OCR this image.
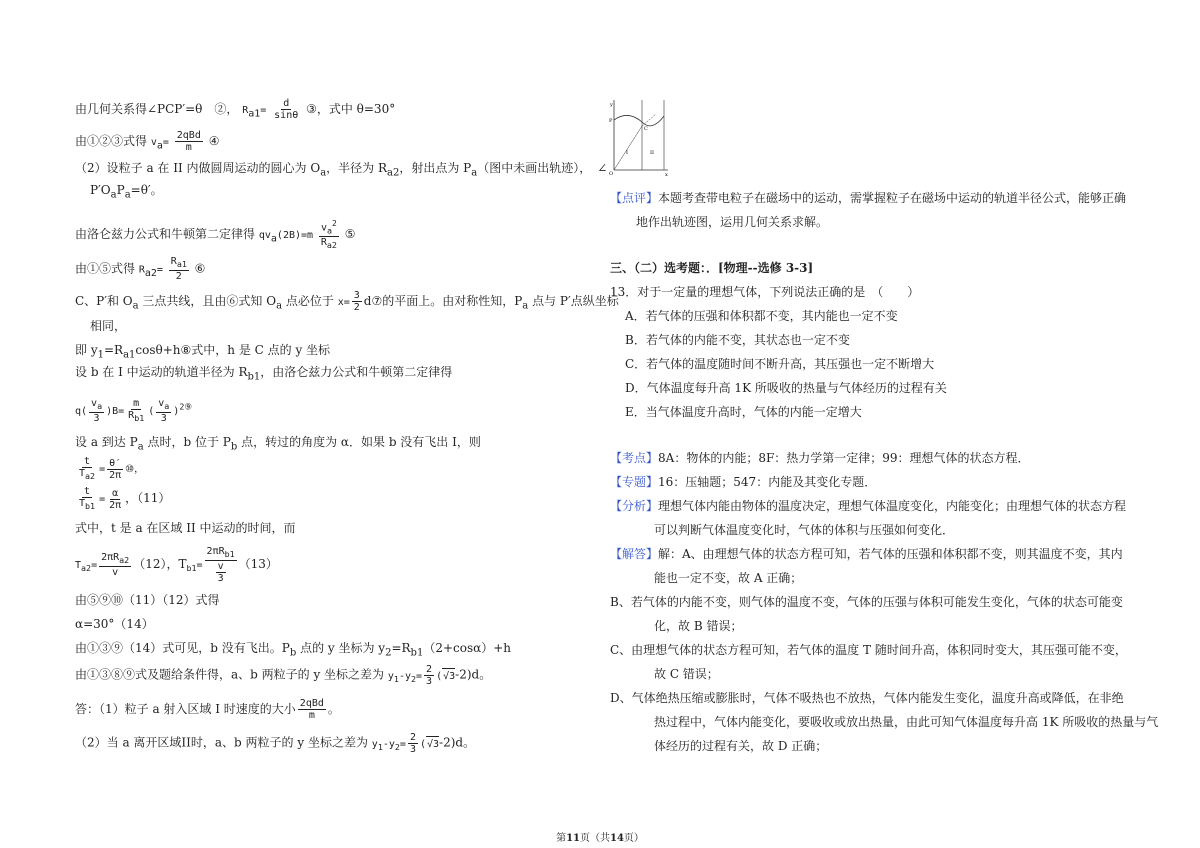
由几何关系得∠PCP′=θ　②， $R_{a1}= \frac{d}{\sin\theta}$ ③，式中 θ=30°
由①②③式得 $v_a= \frac{\text{2qBd}}{m}$ ④
（2）设粒子 a 在 II 内做圆周运动的圆心为 $O_a$，半径为 $R_{a2}$，射出点为 $P_a$（图中未画出轨迹），　∠
$P'O_aP_a=\theta'$。
由洛仑兹力公式和牛顿第二定律得 $qv_a(2B)=m \frac{v_a^2}{R_{a2}}$ ⑤
由①⑤式得 $R_{a2}= \frac{R_{a1}}{2}$ ⑥
C、P′和 $O_a$ 三点共线，且由⑥式知 $O_a$ 点必位于 $x= \frac{3}{2}$ d⑦的平面上。由对称性知，$P_a$ 点与 P′点纵坐标
相同，
即 $y_1=R_{a1}\cos\theta+h⑧$式中，h 是 C 点的 y 坐标
设 b 在 I 中运动的轨道半径为 $R_{b1}$，由洛仑兹力公式和牛顿第二定律得
$q( \frac{v_a}{3} )B= \frac{m}{R_{b1}}$ ( $\frac{v_a}{3} )^{2⑨}$
设 a 到达 $P_a$ 点时，b 位于 $P_b$ 点，转过的角度为 α．如果 b 没有飞出 I，则
$\frac{t}{T_{a2}} = \frac{\theta'}{2\pi}$ ⑩，
$\frac{t}{T_{b1}} = \frac{\alpha}{2\pi}$ ，（11）
式中，t 是 a 在区域 II 中运动的时间，而
$T_{a2}= \frac{2\pi R_{a2}}{v} (12)$，$T_{b1}= \frac{2\pi R_{b1}}{\frac{v}{3}} (13)$
由⑤⑨⑩（11）（12）式得
α=30°（14）
由①③⑨（14）式可见，b 没有飞出。$P_b$ 点的 y 坐标为 $y_2=R_{b1}(2+\cos\alpha)+h$
由①③⑧⑨式及题给条件得，a、b 两粒子的 y 坐标之差为 $y_1-y_2= \frac{2}{3} (√3-2)d$。
答：（1）粒子 a 射入区域 I 时速度的大小 $\frac{\text{2qBd}}{m}$ 。
（2）当 a 离开区域II时，a、b 两粒子的 y 坐标之差为 $y_1-y_2= \frac{2}{3} (√3-2)d$。
y
x
O
P
I	II
C
【点评】本题考查带电粒子在磁场中的运动，需掌握粒子在磁场中运动的轨道半径公式，能够正确
地作出轨迹图，运用几何关系求解。
三、（二）选考题：．[物理--选修 3-3]
13．对于一定量的理想气体，下列说法正确的是　（　　）
A．若气体的压强和体积都不变，其内能也一定不变
B．若气体的内能不变，其状态也一定不变
C．若气体的温度随时间不断升高，其压强也一定不断增大
D．气体温度每升高 1K 所吸收的热量与气体经历的过程有关
E．当气体温度升高时，气体的内能一定增大
【考点】8A：物体的内能；8F：热力学第一定律；99：理想气体的状态方程．
【专题】16：压轴题；547：内能及其变化专题．
【分析】理想气体内能由物体的温度决定，理想气体温度变化，内能变化；由理想气体的状态方程
可以判断气体温度变化时，气体的体积与压强如何变化．
【解答】解：A、由理想气体的状态方程可知，若气体的压强和体积都不变，则其温度不变，其内
能也一定不变，故 A 正确；
B、若气体的内能不变，则气体的温度不变，气体的压强与体积可能发生变化，气体的状态可能变
化，故 B 错误；
C、由理想气体的状态方程可知，若气体的温度 T 随时间升高，体积同时变大，其压强可能不变，
故 C 错误；
D、气体绝热压缩或膨胀时，气体不吸热也不放热，气体内能发生变化，温度升高或降低，在非绝
热过程中，气体内能变化，要吸收或放出热量，由此可知气体温度每升高 1K 所吸收的热量与气
体经历的过程有关，故 D 正确；
第11页（共14页）
